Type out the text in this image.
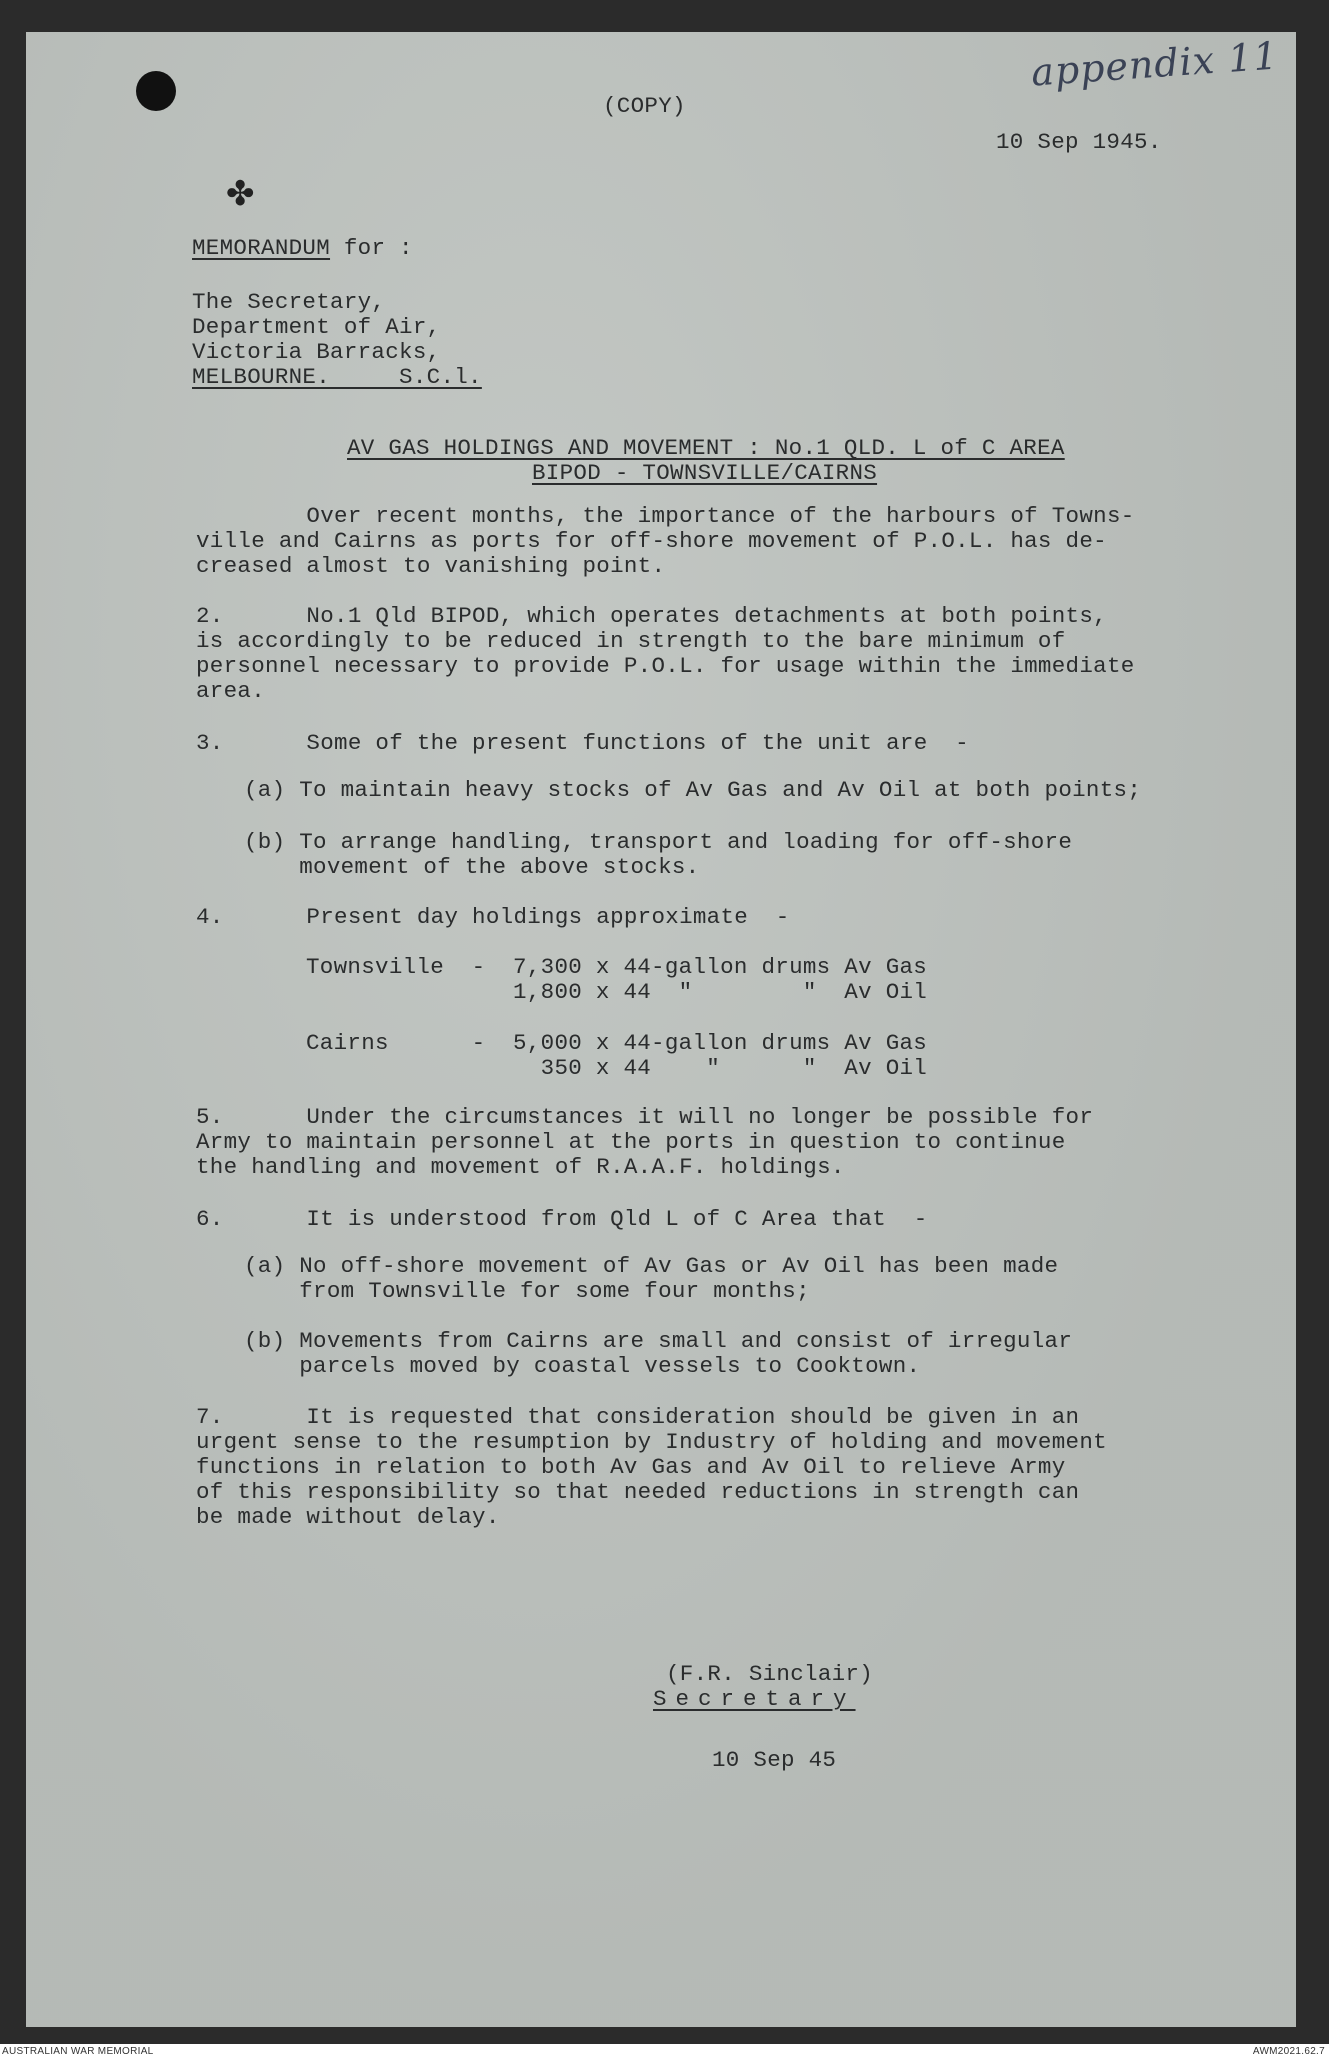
✤
appendix 11

(COPY)

10 Sep 1945.

MEMORANDUM for :

The Secretary,

Department of Air,

Victoria Barracks,

MELBOURNE.     S.C.l.

AV GAS HOLDINGS AND MOVEMENT : No.1 QLD. L of C AREA

BIPOD - TOWNSVILLE/CAIRNS

Over recent months, the importance of the harbours of Towns-

ville and Cairns as ports for off-shore movement of P.O.L. has de-

creased almost to vanishing point.

2.      No.1 Qld BIPOD, which operates detachments at both points,

is accordingly to be reduced in strength to the bare minimum of

personnel necessary to provide P.O.L. for usage within the immediate

area.

3.      Some of the present functions of the unit are  -

(a) To maintain heavy stocks of Av Gas and Av Oil at both points;

(b) To arrange handling, transport and loading for off-shore

movement of the above stocks.

4.      Present day holdings approximate  -

Townsville  -  7,300 x 44-gallon drums Av Gas

1,800 x 44  "        "  Av Oil

Cairns      -  5,000 x 44-gallon drums Av Gas

350 x 44    "      "  Av Oil

5.      Under the circumstances it will no longer be possible for

Army to maintain personnel at the ports in question to continue

the handling and movement of R.A.A.F. holdings.

6.      It is understood from Qld L of C Area that  -

(a) No off-shore movement of Av Gas or Av Oil has been made

from Townsville for some four months;

(b) Movements from Cairns are small and consist of irregular

parcels moved by coastal vessels to Cooktown.

7.      It is requested that consideration should be given in an

urgent sense to the resumption by Industry of holding and movement

functions in relation to both Av Gas and Av Oil to relieve Army

of this responsibility so that needed reductions in strength can

be made without delay.

(F.R. Sinclair)

Secretary

10 Sep 45

AUSTRALIAN WAR MEMORIAL	AWM2021.62.7
